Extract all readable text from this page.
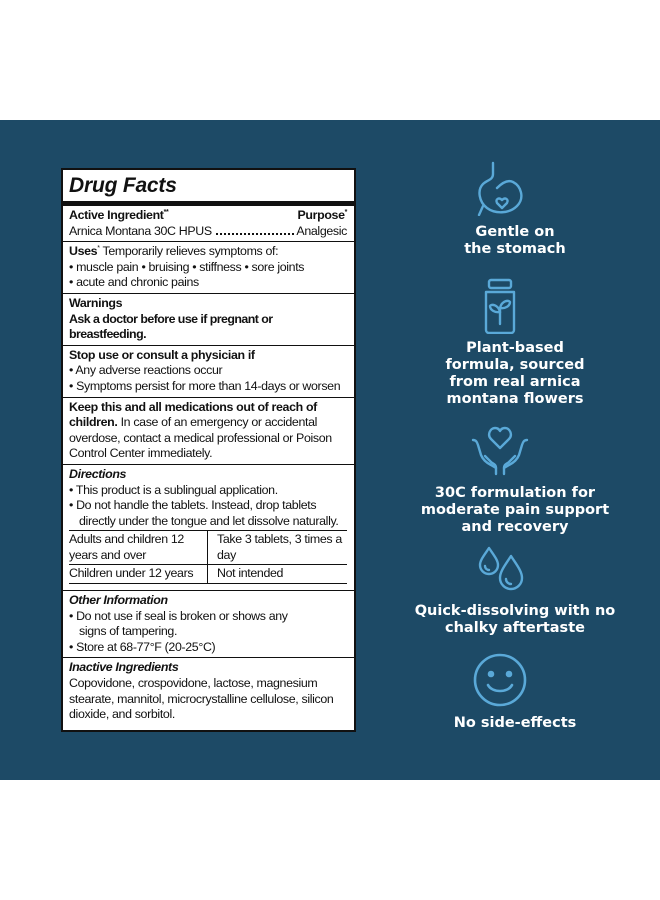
Drug Facts
Active Ingredient**	Purpose*
Arnica Montana 30C HPUS	Analgesic
Uses* Temporarily relieves symptoms of:
• muscle pain • bruising • stiffness • sore joints
• acute and chronic pains
Warnings
Ask a doctor before use if pregnant or breastfeeding.
Stop use or consult a physician if
• Any adverse reactions occur
• Symptoms persist for more than 14-days or worsen
Keep this and all medications out of reach of children. In case of an emergency or accidental overdose, contact a medical professional or Poison Control Center immediately.
Directions
• This product is a sublingual application.
• Do not handle the tablets. Instead, drop tablets
directly under the tongue and let dissolve naturally.
Adults and children 12 years and over	Take 3 tablets, 3 times a day
Children under 12 years	Not intended
Other Information
• Do not use if seal is broken or shows any
signs of tampering.
• Store at 68-77°F (20-25°C)
Inactive Ingredients
Copovidone, crospovidone, lactose, magnesium stearate, mannitol, microcrystalline cellulose, silicon dioxide, and sorbitol.
Gentle on
the stomach
Plant-based
formula, sourced
from real arnica
montana flowers
30C formulation for
moderate pain support
and recovery
Quick-dissolving with no
chalky aftertaste
No side-effects
